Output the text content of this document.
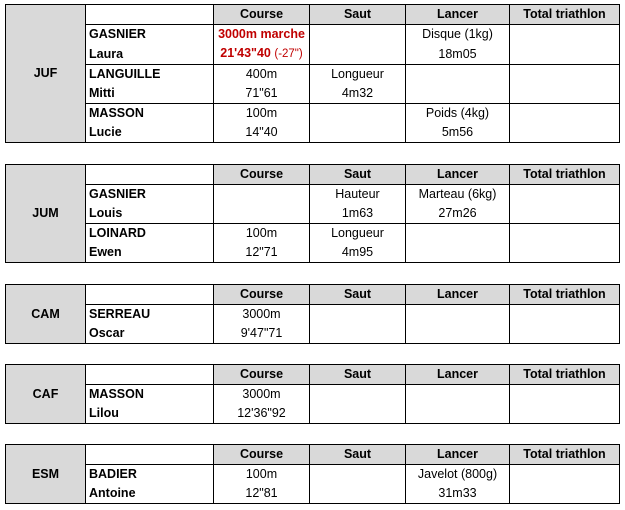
JUF		Course	Saut	Lancer	Total triathlon
	GASNIER	3000m marche		Disque (1kg)	
	Laura	21'43"40 (-27")		18m05	
	LANGUILLE	400m	Longueur		
	Mitti	71"61	4m32		
	MASSON	100m		Poids (4kg)	
	Lucie	14"40		5m56	
JUM		Course	Saut	Lancer	Total triathlon
	GASNIER		Hauteur	Marteau (6kg)	
	Louis		1m63	27m26	
	LOINARD	100m	Longueur		
	Ewen	12"71	4m95		
CAM		Course	Saut	Lancer	Total triathlon
	SERREAU	3000m			
	Oscar	9'47"71			
CAF		Course	Saut	Lancer	Total triathlon
	MASSON	3000m			
	Lilou	12'36"92			
ESM		Course	Saut	Lancer	Total triathlon
	BADIER	100m		Javelot (800g)	
	Antoine	12"81		31m33	
